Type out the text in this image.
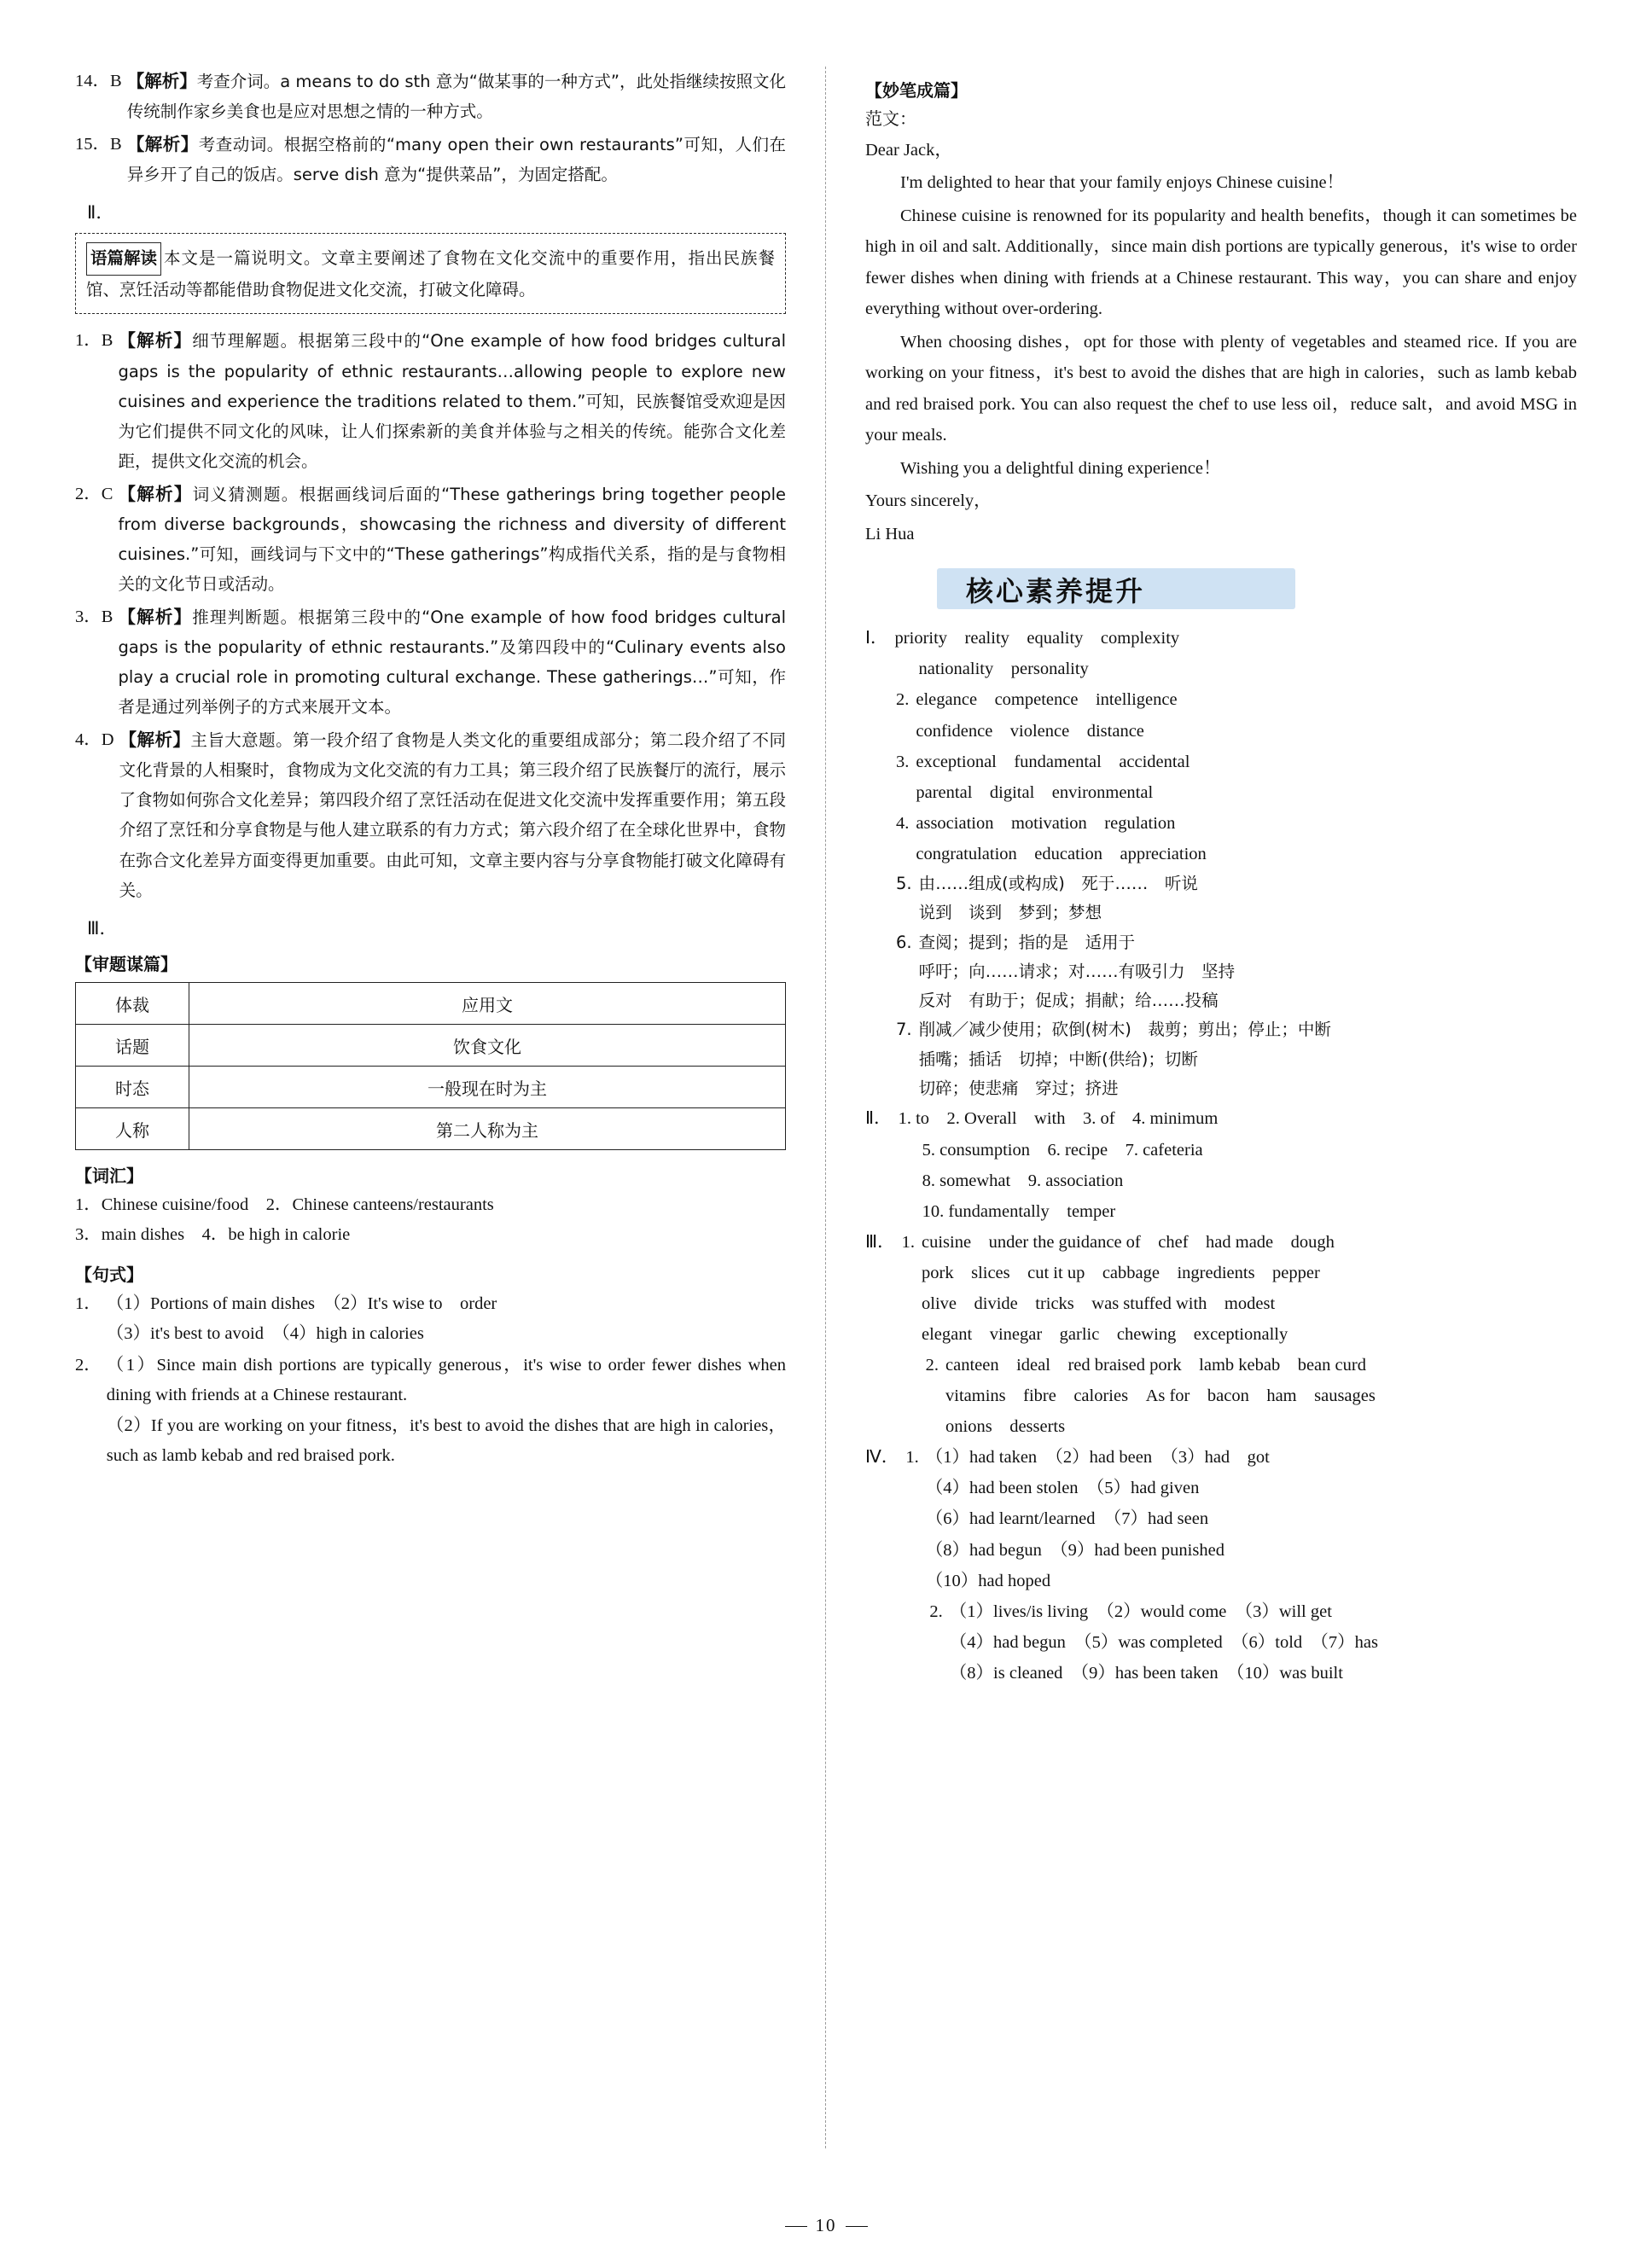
14．B 【解析】考查介词。a means to do sth 意为“做某事的一种方式”，此处指继续按照文化传统制作家乡美食也是应对思想之情的一种方式。
15．B 【解析】考查动词。根据空格前的“many open their own restaurants”可知，人们在异乡开了自己的饭店。serve dish 意为“提供菜品”，为固定搭配。
Ⅱ．
语篇解读 本文是一篇说明文。文章主要阐述了食物在文化交流中的重要作用，指出民族餐馆、烹饪活动等都能借助食物促进文化交流，打破文化障碍。
1．B 【解析】细节理解题。根据第三段中的“One example of how food bridges cultural gaps is the popularity of ethnic restaurants…allowing people to explore new cuisines and experience the traditions related to them.”可知，民族餐馆受欢迎是因为它们提供不同文化的风味，让人们探索新的美食并体验与之相关的传统。能弥合文化差距，提供文化交流的机会。
2．C 【解析】词义猜测题。根据画线词后面的“These gatherings bring together people from diverse backgrounds，showcasing the richness and diversity of different cuisines.”可知，画线词与下文中的“These gatherings”构成指代关系，指的是与食物相关的文化节日或活动。
3．B 【解析】推理判断题。根据第三段中的“One example of how food bridges cultural gaps is the popularity of ethnic restaurants.”及第四段中的“Culinary events also play a crucial role in promoting cultural exchange. These gatherings…”可知，作者是通过列举例子的方式来展开文本。
4．D 【解析】主旨大意题。第一段介绍了食物是人类文化的重要组成部分；第二段介绍了不同文化背景的人相聚时，食物成为文化交流的有力工具；第三段介绍了民族餐厅的流行，展示了食物如何弥合文化差异；第四段介绍了烹饪活动在促进文化交流中发挥重要作用；第五段介绍了烹饪和分享食物是与他人建立联系的有力方式；第六段介绍了在全球化世界中，食物在弥合文化差异方面变得更加重要。由此可知，文章主要内容与分享食物能打破文化障碍有关。
Ⅲ．
【审题谋篇】
体裁	应用文
话题	饮食文化
时态	一般现在时为主
人称	第二人称为主
【词汇】
1．Chinese cuisine/food　2．Chinese canteens/restaurants
3．main dishes　4．be high in calorie
【句式】
1． （1）Portions of main dishes　（2）It's wise to　order
（3）it's best to avoid　（4）high in calories
2． （1）Since main dish portions are typically generous，it's wise to order fewer dishes when dining with friends at a Chinese restaurant.
（2）If you are working on your fitness，it's best to avoid the dishes that are high in calories，such as lamb kebab and red braised pork.
【妙笔成篇】
范文：

Dear Jack，

I'm delighted to hear that your family enjoys Chinese cuisine！

Chinese cuisine is renowned for its popularity and health benefits，though it can sometimes be high in oil and salt. Additionally，since main dish portions are typically generous，it's wise to order fewer dishes when dining with friends at a Chinese restaurant. This way，you can share and enjoy everything without over-ordering.

When choosing dishes，opt for those with plenty of vegetables and steamed rice. If you are working on your fitness，it's best to avoid the dishes that are high in calories，such as lamb kebab and red braised pork. You can also request the chef to use less oil，reduce salt，and avoid MSG in your meals.

Wishing you a delightful dining experience！

Yours sincerely，

Li Hua

核心素养提升
Ⅰ． priority　reality　equality　complexity
nationality　personality
2. elegance　competence　intelligence
confidence　violence　distance
3. exceptional　fundamental　accidental
parental　digital　environmental
4. association　motivation　regulation
congratulation　education　appreciation
5. 由……组成(或构成)　死于……　听说
说到　谈到　梦到；梦想
6. 查阅；提到；指的是　适用于
呼吁；向……请求；对……有吸引力　坚持
反对　有助于；促成；捐献；给……投稿
7. 削减／减少使用；砍倒(树木)　裁剪；剪出；停止；中断
插嘴；插话　切掉；中断(供给)；切断
切碎；使悲痛　穿过；挤进
Ⅱ． 1. to　2. Overall　with　3. of　4. minimum
5. consumption　6. recipe　7. cafeteria
8. somewhat　9. association
10. fundamentally　temper
Ⅲ． 1. cuisine　under the guidance of　chef　had made　dough
pork　slices　cut it up　cabbage　ingredients　pepper
olive　divide　tricks　was stuffed with　modest
elegant　vinegar　garlic　chewing　exceptionally
2. canteen　ideal　red braised pork　lamb kebab　bean curd
vitamins　fibre　calories　As for　bacon　ham　sausages
onions　desserts
Ⅳ． 1. （1）had taken　（2）had been　（3）had　got
（4）had been stolen　（5）had given
（6）had learnt/learned　（7）had seen
（8）had begun　（9）had been punished
（10）had hoped
2. （1）lives/is living　（2）would come　（3）will get
（4）had begun　（5）was completed　（6）told　（7）has
（8）is cleaned　（9）has been taken　（10）was built
10
